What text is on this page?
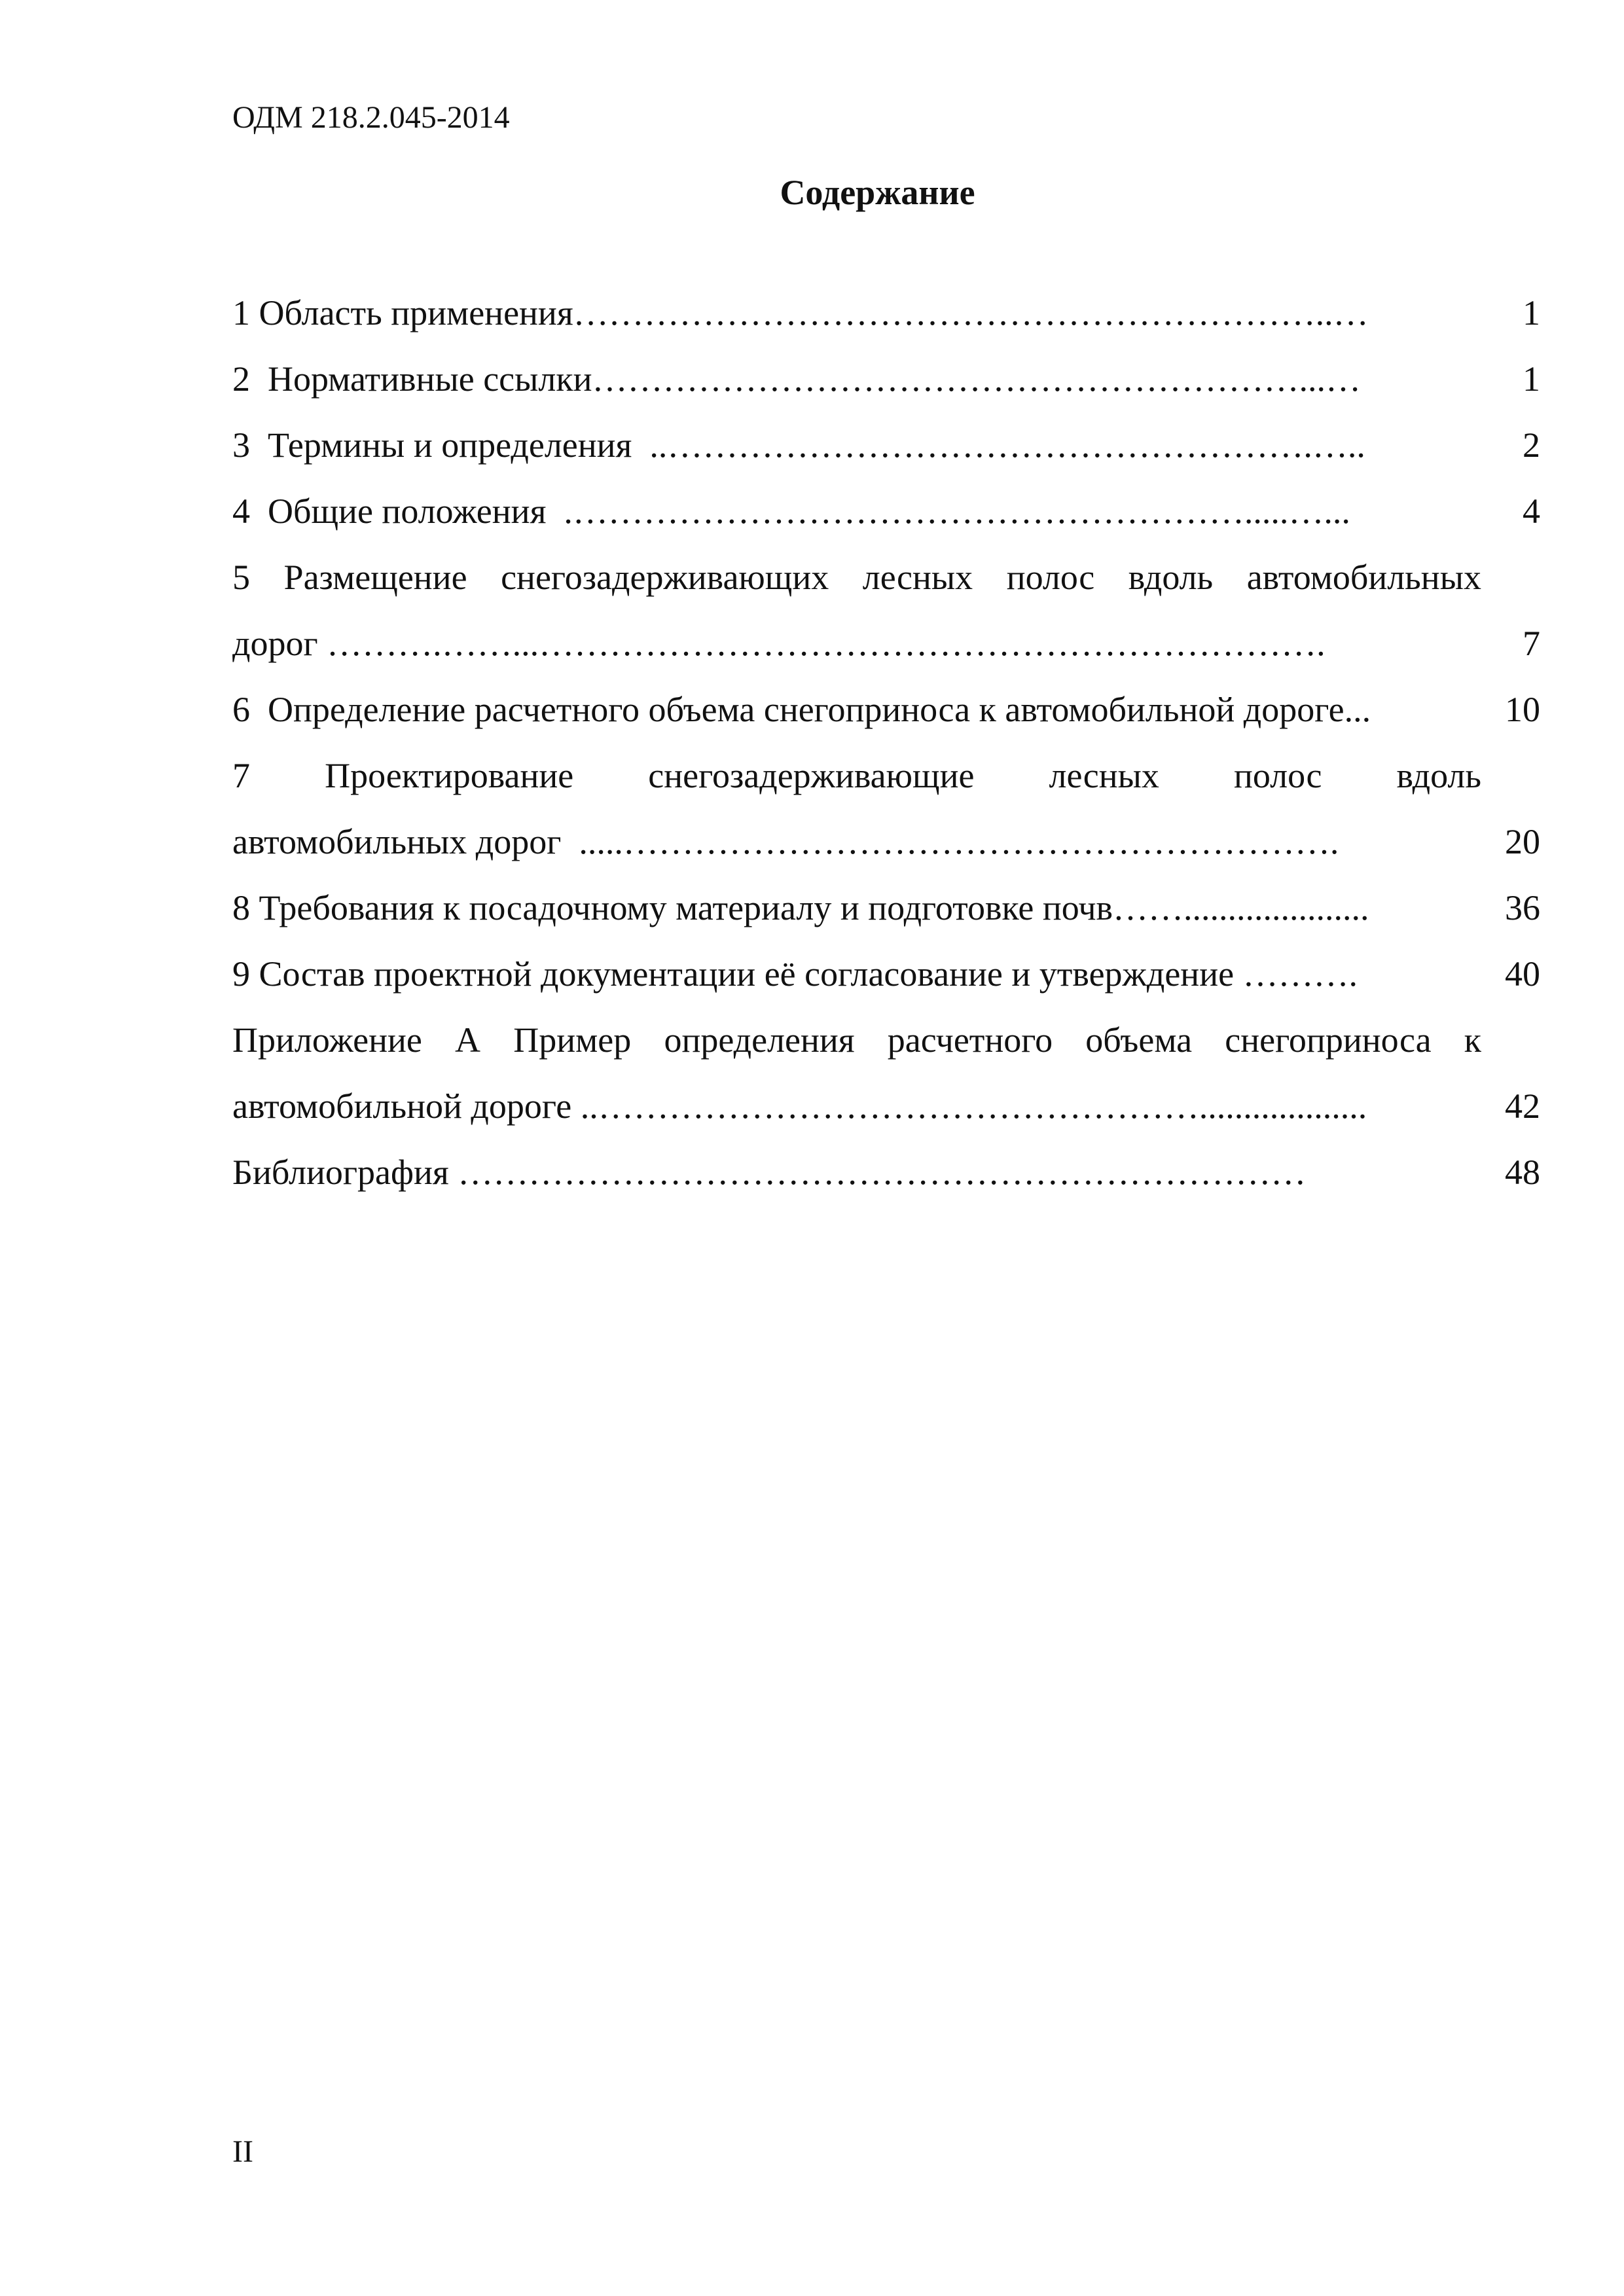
ОДМ 218.2.045-2014
Содержание
1 Область применения………………………………………………………..…	1
2  Нормативные ссылки……………………………………………………...…	1
3  Термины и определения  ..……………………………………………….…..	2
4  Общие положения  .………………………………………………….....…...	4
5 Размещение снегозадерживающих лесных полос вдоль автомобильных
дорог ……….……...………………………………………………………….	7
6  Определение расчетного объема снегоприноса к автомобильной дороге...	10
7 Проектирование снегозадерживающие лесных полос вдоль
автомобильных дорог  .....…………………………………………………….	20
8 Требования к посадочному материалу и подготовке почв…….....................	36
9 Состав проектной документации её согласование и утверждение ……….	40
Приложение А Пример определения расчетного объема снегоприноса к
автомобильной дороге ..……………………………………………...................	42
Библиография ………………………………………………………………	48
II
